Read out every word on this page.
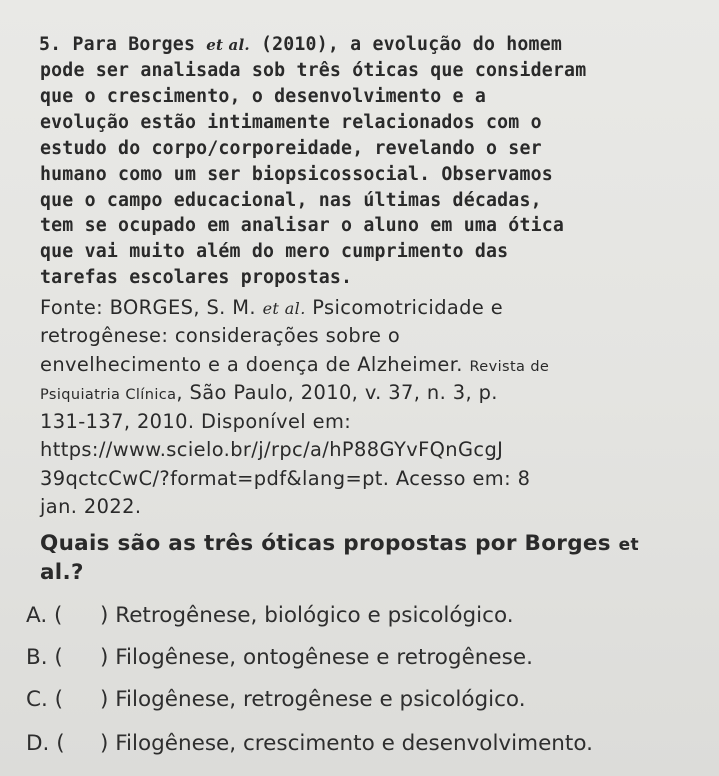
5. Para Borges et al. (2010), a evolução do homem
pode ser analisada sob três óticas que consideram
que o crescimento, o desenvolvimento e a
evolução estão intimamente relacionados com o
estudo do corpo/corporeidade, revelando o ser
humano como um ser biopsicossocial. Observamos
que o campo educacional, nas últimas décadas,
tem se ocupado em analisar o aluno em uma ótica
que vai muito além do mero cumprimento das
tarefas escolares propostas.
Fonte: BORGES, S. M. et al. Psicomotricidade e
retrogênese: considerações sobre o
envelhecimento e a doença de Alzheimer. Revista de
Psiquiatria Clínica, São Paulo, 2010, v. 37, n. 3, p.
131-137, 2010. Disponível em:
https://www.scielo.br/j/rpc/a/hP88GYvFQnGcgJ
39qctcCwC/?format=pdf&lang=pt. Acesso em: 8
jan. 2022.
Quais são as três óticas propostas por Borges et
al.?
A. ( ) Retrogênese, biológico e psicológico.
B. ( ) Filogênese, ontogênese e retrogênese.
C. ( ) Filogênese, retrogênese e psicológico.
D. ( ) Filogênese, crescimento e desenvolvimento.
